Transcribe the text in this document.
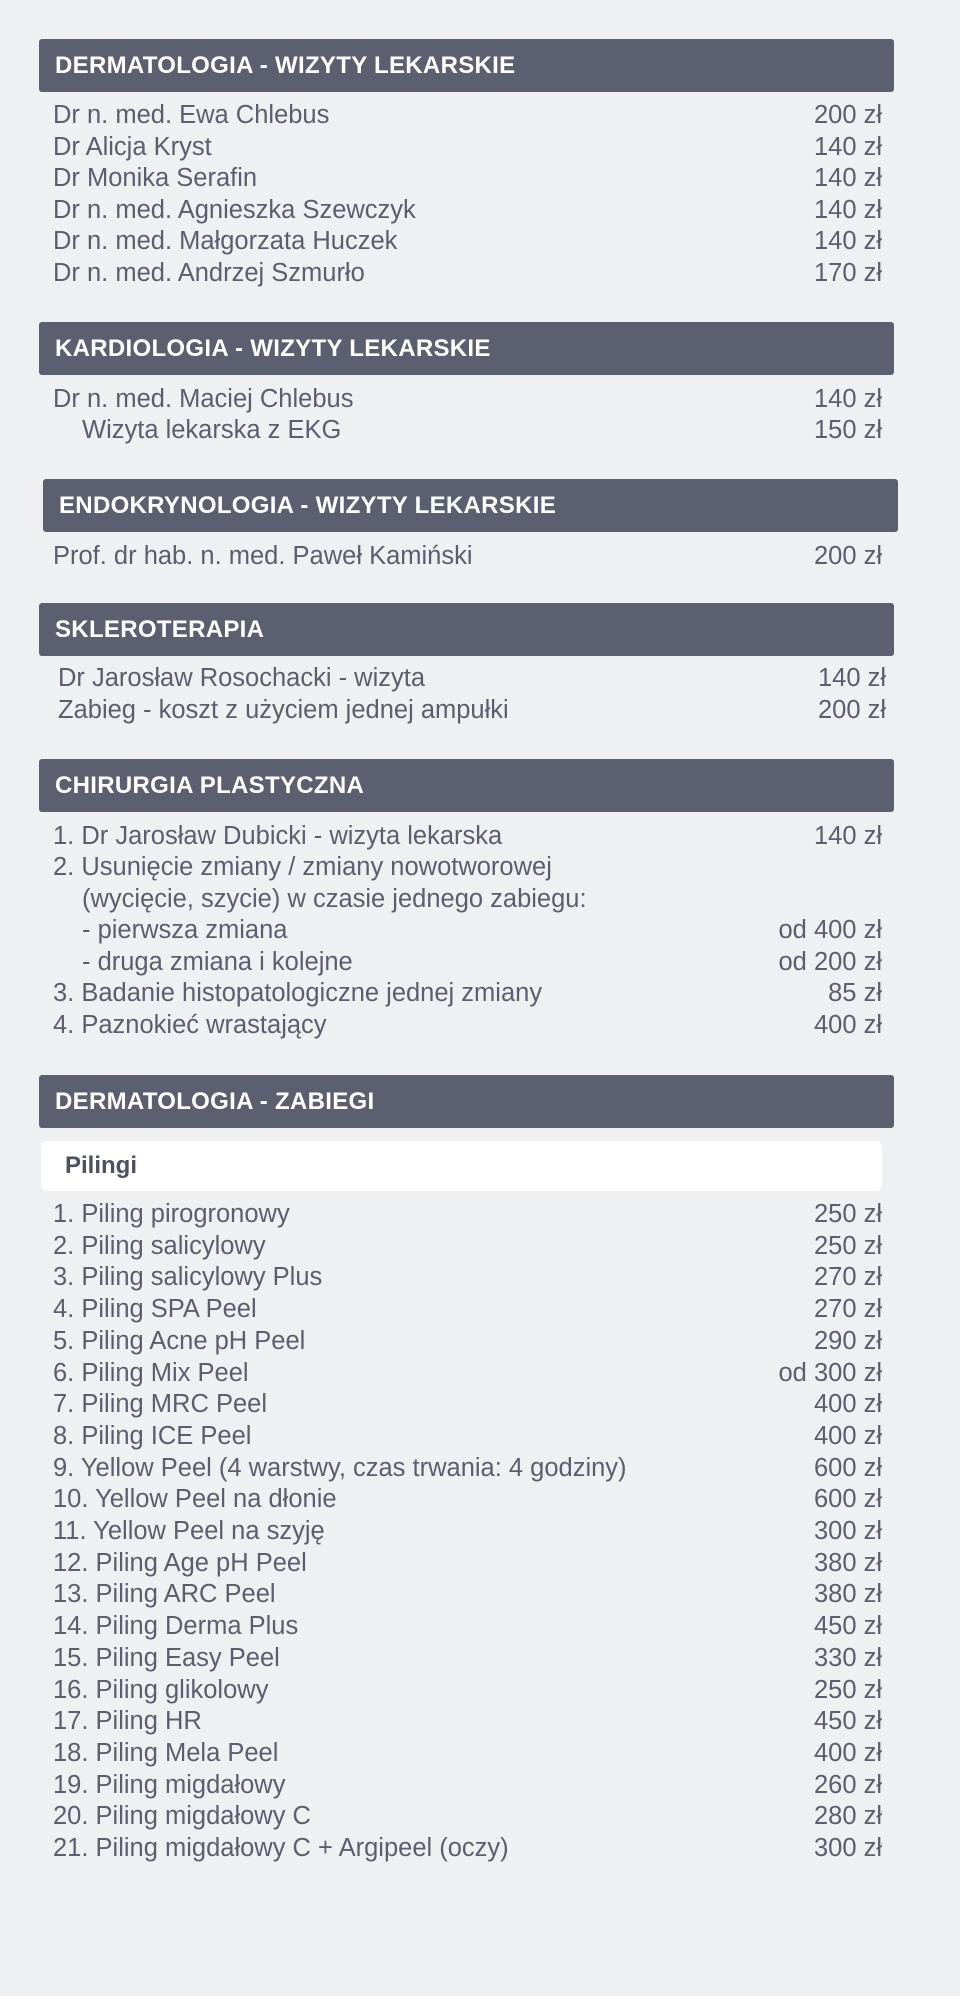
DERMATOLOGIA - WIZYTY LEKARSKIE
Dr n. med. Ewa Chlebus	200 zł
Dr Alicja Kryst	140 zł
Dr Monika Serafin	140 zł
Dr n. med. Agnieszka Szewczyk	140 zł
Dr n. med. Małgorzata Huczek	140 zł
Dr n. med. Andrzej Szmurło	170 zł
KARDIOLOGIA - WIZYTY LEKARSKIE
Dr n. med. Maciej Chlebus	140 zł
Wizyta lekarska z EKG	150 zł
ENDOKRYNOLOGIA - WIZYTY LEKARSKIE
Prof. dr hab. n. med. Paweł Kamiński	200 zł
SKLEROTERAPIA
Dr Jarosław Rosochacki - wizyta	140 zł
Zabieg - koszt z użyciem jednej ampułki	200 zł
CHIRURGIA PLASTYCZNA
1. Dr Jarosław Dubicki - wizyta lekarska	140 zł
2. Usunięcie zmiany / zmiany nowotworowej
(wycięcie, szycie) w czasie jednego zabiegu:
- pierwsza zmiana	od 400 zł
- druga zmiana i kolejne	od 200 zł
3. Badanie histopatologiczne jednej zmiany	85 zł
4. Paznokieć wrastający	400 zł
DERMATOLOGIA - ZABIEGI
Pilingi
1. Piling pirogronowy	250 zł
2. Piling salicylowy	250 zł
3. Piling salicylowy Plus	270 zł
4. Piling SPA Peel	270 zł
5. Piling Acne pH Peel	290 zł
6. Piling Mix Peel	od 300 zł
7. Piling MRC Peel	400 zł
8. Piling ICE Peel	400 zł
9. Yellow Peel (4 warstwy, czas trwania: 4 godziny)	600 zł
10. Yellow Peel na dłonie	600 zł
11. Yellow Peel na szyję	300 zł
12. Piling Age pH Peel	380 zł
13. Piling ARC Peel	380 zł
14. Piling Derma Plus	450 zł
15. Piling Easy Peel	330 zł
16. Piling glikolowy	250 zł
17. Piling HR	450 zł
18. Piling Mela Peel	400 zł
19. Piling migdałowy	260 zł
20. Piling migdałowy C	280 zł
21. Piling migdałowy C + Argipeel (oczy)	300 zł
